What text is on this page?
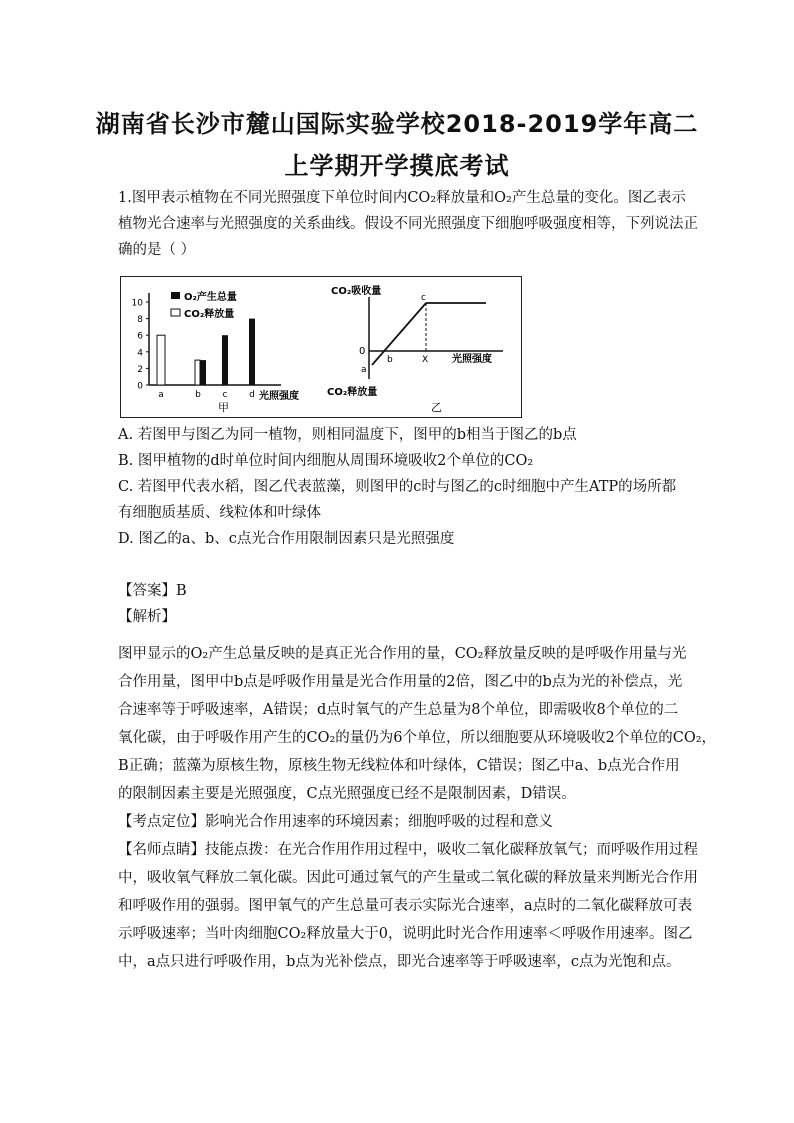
湖南省长沙市麓山国际实验学校2018-2019学年高二
上学期开学摸底考试
1.图甲表示植物在不同光照强度下单位时间内CO₂释放量和O₂产生总量的变化。图乙表示
植物光合速率与光照强度的关系曲线。假设不同光照强度下细胞呼吸强度相等，下列说法正
确的是（ ）
0
2
4
6
8
10
a	b c d
O₂产生总量
CO₂释放量
光照强度
甲
CO₂吸收量
CO₂释放量
光照强度
0
a
b
c
X
乙
A. 若图甲与图乙为同一植物，则相同温度下，图甲的b相当于图乙的b点
B. 图甲植物的d时单位时间内细胞从周围环境吸收2个单位的CO₂
C. 若图甲代表水稻，图乙代表蓝藻，则图甲的c时与图乙的c时细胞中产生ATP的场所都
有细胞质基质、线粒体和叶绿体
D. 图乙的a、b、c点光合作用限制因素只是光照强度
【答案】B
【解析】
图甲显示的O₂产生总量反映的是真正光合作用的量，CO₂释放量反映的是呼吸作用量与光
合作用量，图甲中b点是呼吸作用量是光合作用量的2倍，图乙中的b点为光的补偿点，光
合速率等于呼吸速率，A错误；d点时氧气的产生总量为8个单位，即需吸收8个单位的二
氧化碳，由于呼吸作用产生的CO₂的量仍为6个单位，所以细胞要从环境吸收2个单位的CO₂，
B正确；蓝藻为原核生物，原核生物无线粒体和叶绿体，C错误；图乙中a、b点光合作用
的限制因素主要是光照强度，C点光照强度已经不是限制因素，D错误。
【考点定位】影响光合作用速率的环境因素；细胞呼吸的过程和意义
【名师点睛】技能点拨：在光合作用作用过程中，吸收二氧化碳释放氧气；而呼吸作用过程
中，吸收氧气释放二氧化碳。因此可通过氧气的产生量或二氧化碳的释放量来判断光合作用
和呼吸作用的强弱。图甲氧气的产生总量可表示实际光合速率，a点时的二氧化碳释放可表
示呼吸速率；当叶肉细胞CO₂释放量大于0，说明此时光合作用速率＜呼吸作用速率。图乙
中，a点只进行呼吸作用，b点为光补偿点，即光合速率等于呼吸速率，c点为光饱和点。
